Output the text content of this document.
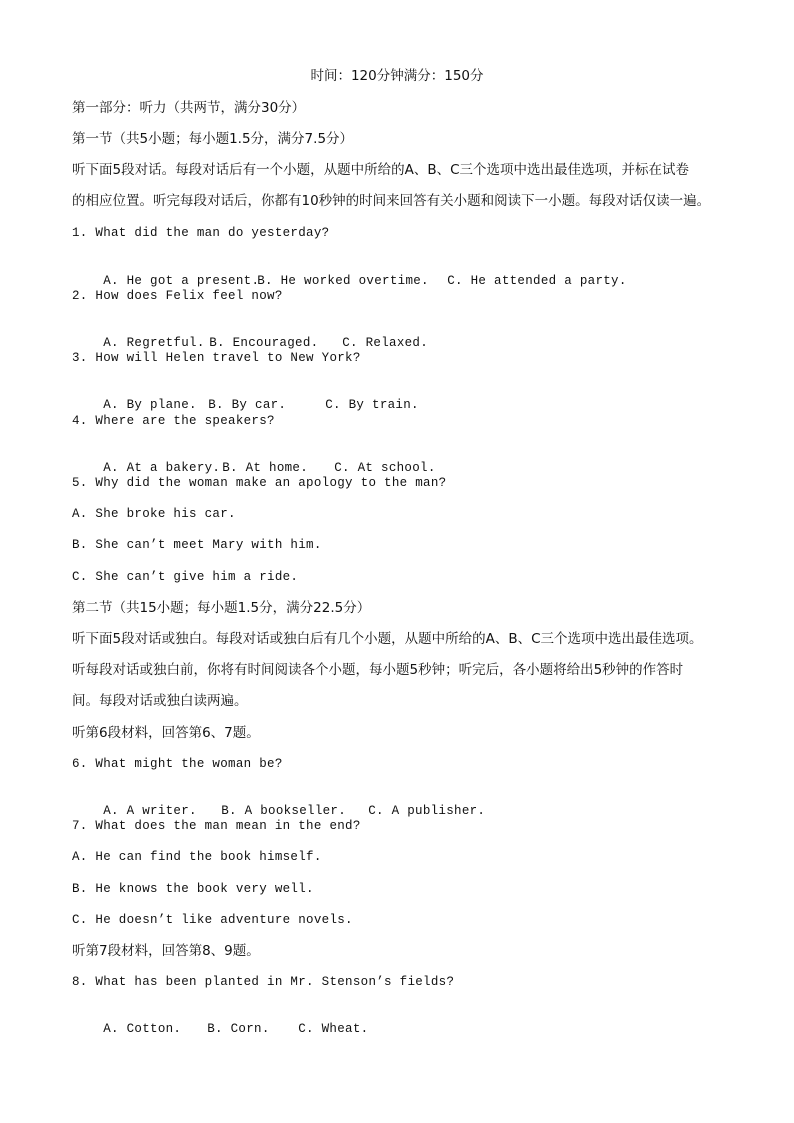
时间：120分钟满分：150分
第一部分：听力（共两节，满分30分）
第一节（共5小题；每小题1.5分，满分7.5分）
听下面5段对话。每段对话后有一个小题，从题中所给的A、B、C三个选项中选出最佳选项，并标在试卷
的相应位置。听完每段对话后，你都有10秒钟的时间来回答有关小题和阅读下一小题。每段对话仅读一遍。
1. What did the man do yesterday?

A. He got a present.B. He worked overtime. C. He attended a party.

2. How does Felix feel now?

A. Regretful. B. Encouraged. C. Relaxed.

3. How will Helen travel to New York?

A. By plane. B. By car.	C. By train.

4. Where are the speakers?

A. At a bakery. B. At home. C. At school.

5. Why did the woman make an apology to the man?
A. She broke his car.
B. She can’t meet Mary with him.
C. She can’t give him a ride.
第二节（共15小题；每小题1.5分，满分22.5分）
听下面5段对话或独白。每段对话或独白后有几个小题，从题中所给的A、B、C三个选项中选出最佳选项。
听每段对话或独白前，你将有时间阅读各个小题，每小题5秒钟；听完后，各小题将给出5秒钟的作答时
间。每段对话或独白读两遍。
听第6段材料，回答第6、7题。
6. What might the woman be?

A. A writer. B. A bookseller. C. A publisher.

7. What does the man mean in the end?
A. He can find the book himself.
B. He knows the book very well.
C. He doesn’t like adventure novels.
听第7段材料，回答第8、9题。
8. What has been planted in Mr. Stenson’s fields?

A. Cotton. B. Corn. C. Wheat.
